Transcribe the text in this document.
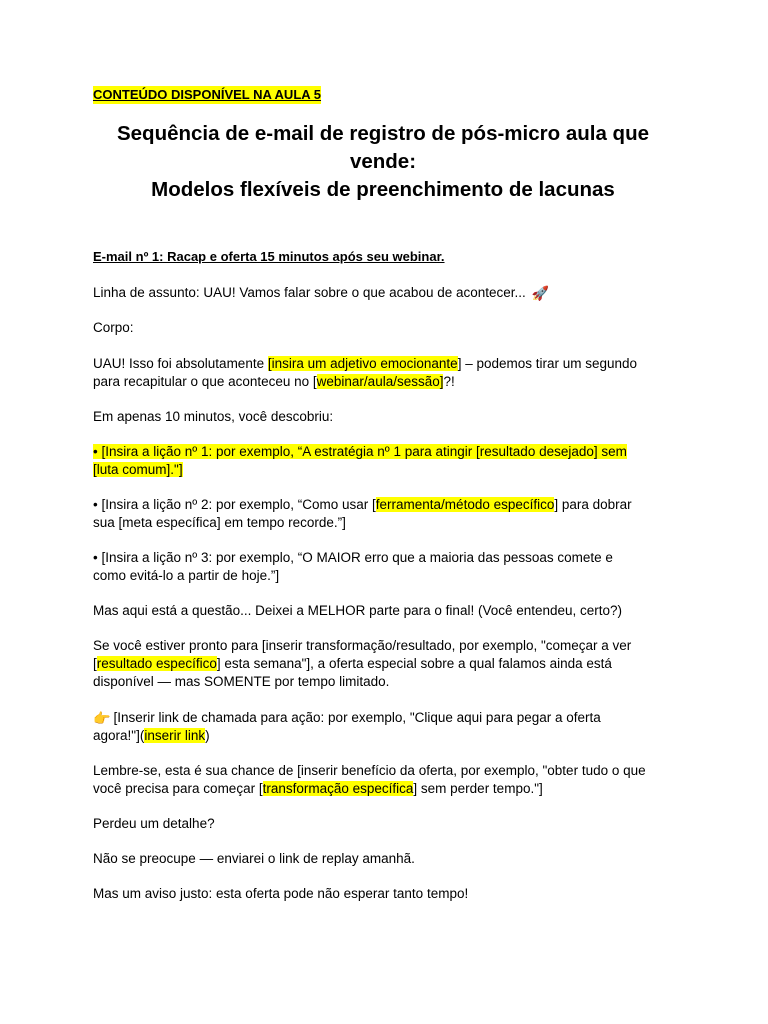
CONTEÚDO DISPONÍVEL NA AULA 5
Sequência de e-mail de registro de pós-micro aula que
vende:
Modelos flexíveis de preenchimento de lacunas
E-mail nº 1: Racap e oferta 15 minutos após seu webinar.
Linha de assunto: UAU! Vamos falar sobre o que acabou de acontecer... 🚀
Corpo:
UAU! Isso foi absolutamente [insira um adjetivo emocionante] – podemos tirar um segundo
para recapitular o que aconteceu no [webinar/aula/sessão]?!
Em apenas 10 minutos, você descobriu:
• [Insira a lição nº 1: por exemplo, “A estratégia nº 1 para atingir [resultado desejado] sem
[luta comum]."]
• [Insira a lição nº 2: por exemplo, “Como usar [ferramenta/método específico] para dobrar
sua [meta específica] em tempo recorde.”]
• [Insira a lição nº 3: por exemplo, “O MAIOR erro que a maioria das pessoas comete e
como evitá-lo a partir de hoje.”]
Mas aqui está a questão... Deixei a MELHOR parte para o final! (Você entendeu, certo?)
Se você estiver pronto para [inserir transformação/resultado, por exemplo, "começar a ver
[resultado específico] esta semana"], a oferta especial sobre a qual falamos ainda está
disponível — mas SOMENTE por tempo limitado.
👉 [Inserir link de chamada para ação: por exemplo, "Clique aqui para pegar a oferta
agora!"](inserir link)
Lembre-se, esta é sua chance de [inserir benefício da oferta, por exemplo, "obter tudo o que
você precisa para começar [transformação específica] sem perder tempo."]
Perdeu um detalhe?
Não se preocupe — enviarei o link de replay amanhã.
Mas um aviso justo: esta oferta pode não esperar tanto tempo!
